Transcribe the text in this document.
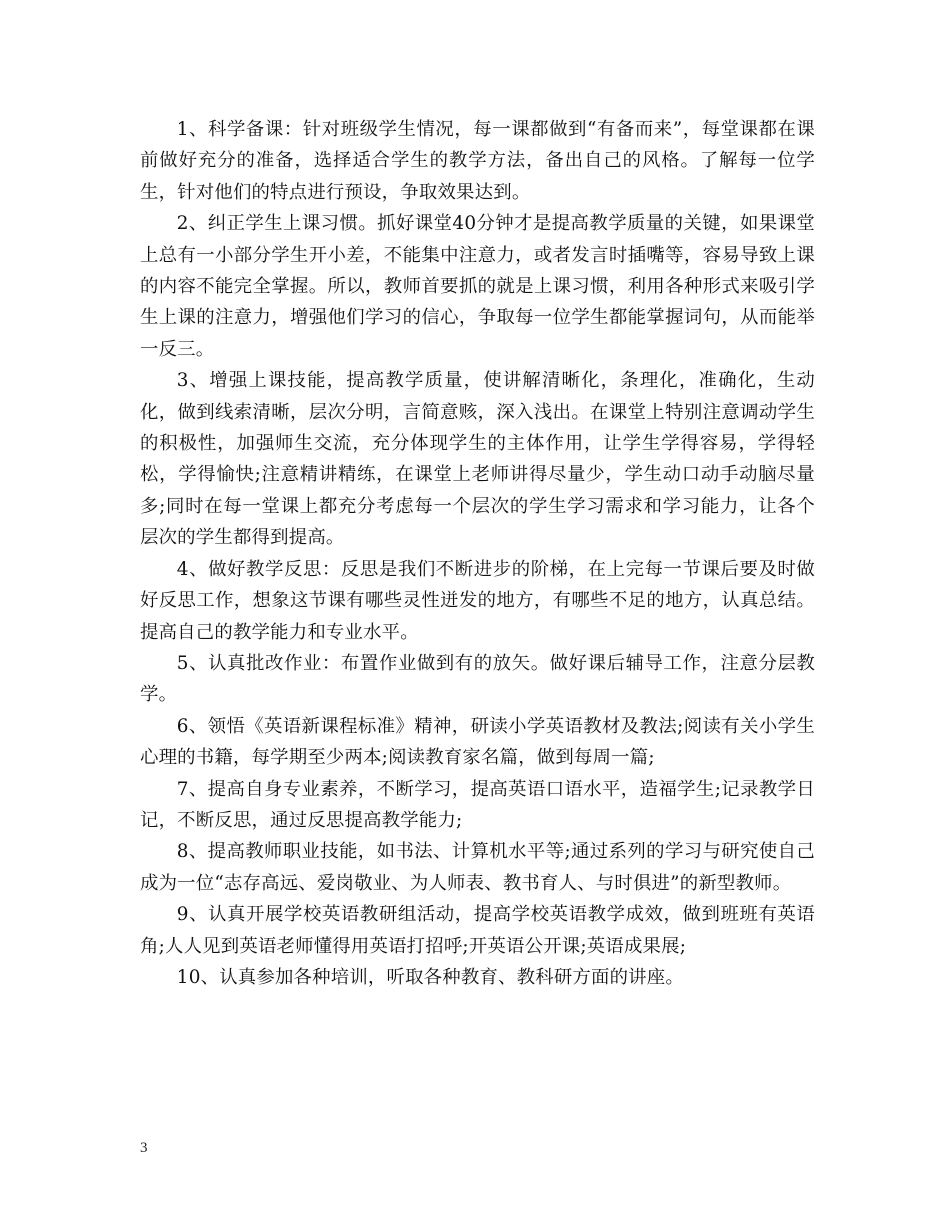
1、科学备课：针对班级学生情况，每一课都做到“有备而来”，每堂课都在课前做好充分的准备，选择适合学生的教学方法，备出自己的风格。了解每一位学生，针对他们的特点进行预设，争取效果达到。

2、纠正学生上课习惯。抓好课堂40分钟才是提高教学质量的关键，如果课堂上总有一小部分学生开小差，不能集中注意力，或者发言时插嘴等，容易导致上课的内容不能完全掌握。所以，教师首要抓的就是上课习惯，利用各种形式来吸引学生上课的注意力，增强他们学习的信心，争取每一位学生都能掌握词句，从而能举一反三。

3、增强上课技能，提高教学质量，使讲解清晰化，条理化，准确化，生动化，做到线索清晰，层次分明，言简意赅，深入浅出。在课堂上特别注意调动学生的积极性，加强师生交流，充分体现学生的主体作用，让学生学得容易，学得轻松，学得愉快;注意精讲精练，在课堂上老师讲得尽量少，学生动口动手动脑尽量多;同时在每一堂课上都充分考虑每一个层次的学生学习需求和学习能力，让各个层次的学生都得到提高。

4、做好教学反思：反思是我们不断进步的阶梯，在上完每一节课后要及时做好反思工作，想象这节课有哪些灵性迸发的地方，有哪些不足的地方，认真总结。提高自己的教学能力和专业水平。

5、认真批改作业：布置作业做到有的放矢。做好课后辅导工作，注意分层教学。

6、领悟《英语新课程标准》精神，研读小学英语教材及教法;阅读有关小学生心理的书籍，每学期至少两本;阅读教育家名篇，做到每周一篇;

7、提高自身专业素养，不断学习，提高英语口语水平，造福学生;记录教学日记，不断反思，通过反思提高教学能力;

8、提高教师职业技能，如书法、计算机水平等;通过系列的学习与研究使自己成为一位“志存高远、爱岗敬业、为人师表、教书育人、与时俱进”的新型教师。

9、认真开展学校英语教研组活动，提高学校英语教学成效，做到班班有英语角;人人见到英语老师懂得用英语打招呼;开英语公开课;英语成果展;

10、认真参加各种培训，听取各种教育、教科研方面的讲座。

3
